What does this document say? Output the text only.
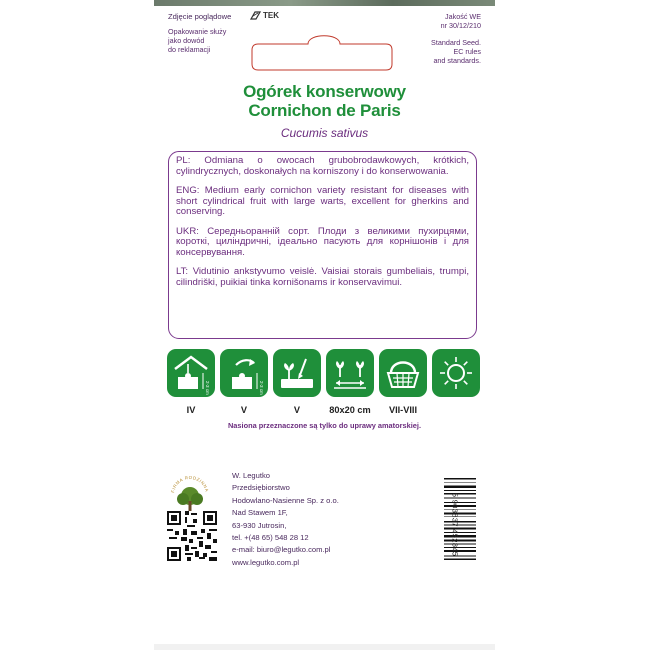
Zdjęcie poglądowe	TEK
Opakowanie służy
jako dowód
do reklamacji
Jakość WE
nr 30/12/210
Standard Seed.
EC rules
and standards.
Ogórek konserwowy
Cornichon de Paris
Cucumis sativus

PL: Odmiana o owocach grubobrodawkowych, krótkich, cylindrycznych, doskonałych na korniszony i do konserwowania.

ENG: Medium early cornichon variety resistant for diseases with short cylindrical fruit with large warts, excellent for gherkins and conserving.

UKR: Середньоранній сорт. Плоди з великими пухирцями, короткі, циліндричні, ідеально пасують для корнішонів і для консервування.

LT: Vidutinio ankstyvumo veislė. Vaisiai storais gumbeliais, trumpi, cilindriški, puikiai tinka kornišonams ir konservavimui.

2-3 cm	2-3 cm
IV	V	V	80x20 cm	VII-VIII
Nasiona przeznaczone są tylko do uprawy amatorskiej.
FIRMA RODZINNA
W. Legutko
Przedsiębiorstwo
Hodowlano-Nasienne Sp. z o.o.
Nad Stawem 1F,
63-930 Jutrosin,
tel. +(48 65) 548 28 12
e-mail: biuro@legutko.com.pl
www.legutko.com.pl
5 903837 452845
